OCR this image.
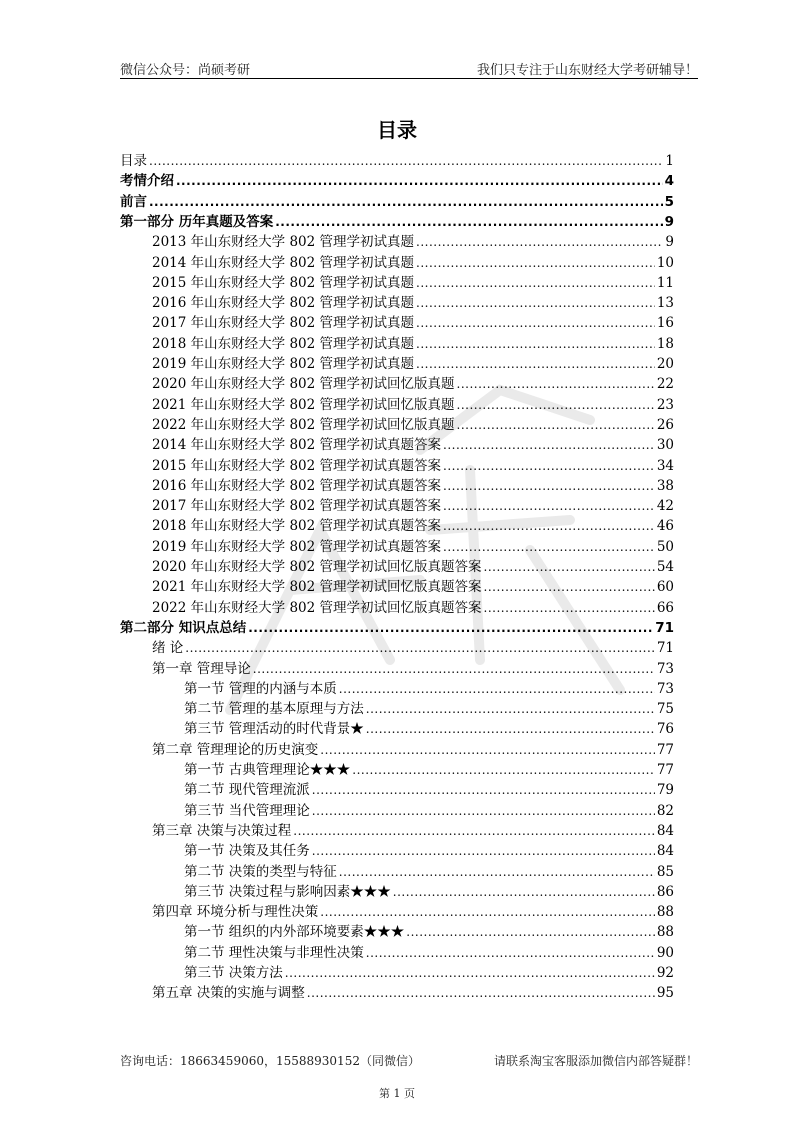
微信公众号：尚硕考研	我们只专注于山东财经大学考研辅导！
目录
目录 .....	1
考情介绍 .....	4
前言 .....	5
第一部分 历年真题及答案 .....	9
2013 年山东财经大学 802 管理学初试真题 .....	9
2014 年山东财经大学 802 管理学初试真题 .....	10
2015 年山东财经大学 802 管理学初试真题 .....	11
2016 年山东财经大学 802 管理学初试真题 .....	13
2017 年山东财经大学 802 管理学初试真题 .....	16
2018 年山东财经大学 802 管理学初试真题 .....	18
2019 年山东财经大学 802 管理学初试真题 .....	20
2020 年山东财经大学 802 管理学初试回忆版真题 .....	22
2021 年山东财经大学 802 管理学初试回忆版真题 .....	23
2022 年山东财经大学 802 管理学初试回忆版真题 .....	26
2014 年山东财经大学 802 管理学初试真题答案 .....	30
2015 年山东财经大学 802 管理学初试真题答案 .....	34
2016 年山东财经大学 802 管理学初试真题答案 .....	38
2017 年山东财经大学 802 管理学初试真题答案 .....	42
2018 年山东财经大学 802 管理学初试真题答案 .....	46
2019 年山东财经大学 802 管理学初试真题答案 .....	50
2020 年山东财经大学 802 管理学初试回忆版真题答案 .....	54
2021 年山东财经大学 802 管理学初试回忆版真题答案 .....	60
2022 年山东财经大学 802 管理学初试回忆版真题答案 .....	66
第二部分 知识点总结 .....	71
绪 论 .....	71
第一章 管理导论 .....	73
第一节 管理的内涵与本质 .....	73
第二节 管理的基本原理与方法 .....	75
第三节 管理活动的时代背景★ .....	76
第二章 管理理论的历史演变 .....	77
第一节 古典管理理论★★★ .....	77
第二节 现代管理流派 .....	79
第三节 当代管理理论 .....	82
第三章 决策与决策过程 .....	84
第一节 决策及其任务 .....	84
第二节 决策的类型与特征 .....	85
第三节 决策过程与影响因素★★★ .....	86
第四章 环境分析与理性决策 .....	88
第一节 组织的内外部环境要素★★★ .....	88
第二节 理性决策与非理性决策 .....	90
第三节 决策方法 .....	92
第五章 决策的实施与调整 .....	95
咨询电话：18663459060，15588930152（同微信）	请联系淘宝客服添加微信内部答疑群！
第 1 页
